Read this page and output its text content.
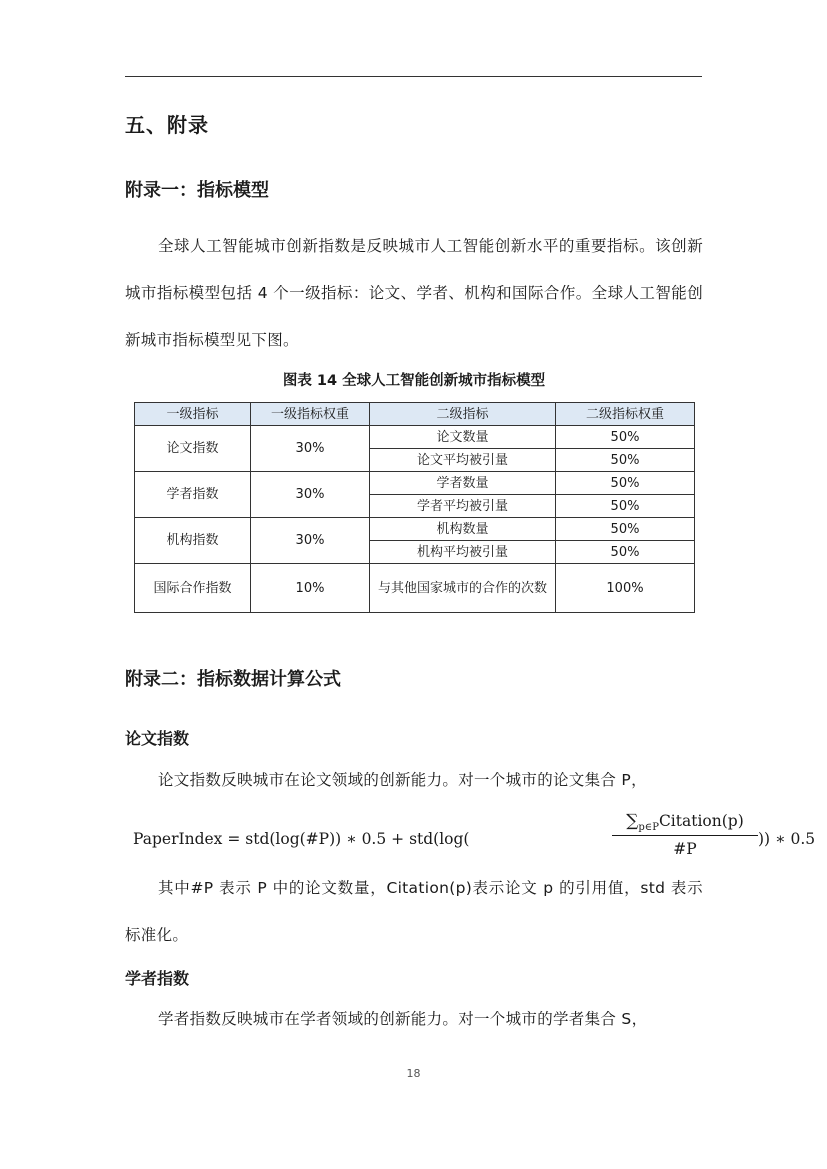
五、附录
附录一：指标模型
全球人工智能城市创新指数是反映城市人工智能创新水平的重要指标。该创新城市指标模型包括 4 个一级指标：论文、学者、机构和国际合作。全球人工智能创新城市指标模型见下图。
图表 14 全球人工智能创新城市指标模型
一级指标	一级指标权重	二级指标	二级指标权重
论文指数	30%	论文数量	50%
		论文平均被引量	50%
学者指数	30%	学者数量	50%
		学者平均被引量	50%
机构指数	30%	机构数量	50%
		机构平均被引量	50%
国际合作指数	10%	与其他国家城市的合作的次数	100%
附录二：指标数据计算公式
论文指数
论文指数反映城市在论文领域的创新能力。对一个城市的论文集合 P，
PaperIndex = std(log(#P)) ∗ 0.5 + std(log(
$\sum_{p\in P}Citation(p)$
#P
)) ∗ 0.5
其中#P 表示 P 中的论文数量，Citation(p)表示论文 p 的引用值，std 表示标准化。
学者指数
学者指数反映城市在学者领域的创新能力。对一个城市的学者集合 S，
18
